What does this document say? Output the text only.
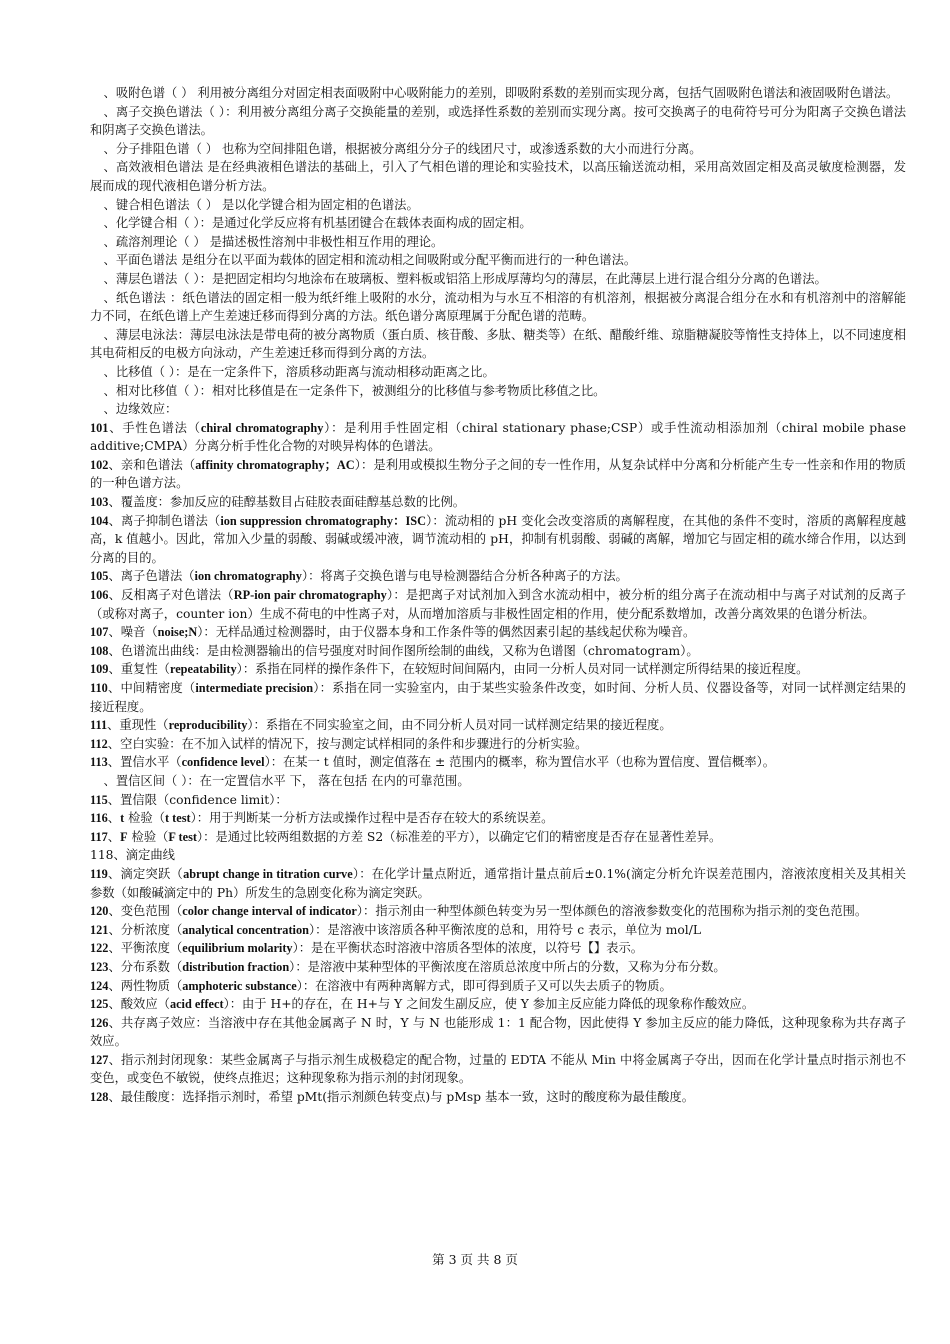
、吸附色谱（ ） 利用被分离组分对固定相表面吸附中心吸附能力的差别，即吸附系数的差别而实现分离，包括气固吸附色谱法和液固吸附色谱法。

、离子交换色谱法（ ）：利用被分离组分离子交换能量的差别，或选择性系数的差别而实现分离。按可交换离子的电荷符号可分为阳离子交换色谱法和阴离子交换色谱法。

、分子排阻色谱（ ） 也称为空间排阻色谱，根据被分离组分分子的线团尺寸，或渗透系数的大小而进行分离。

、高效液相色谱法 是在经典液相色谱法的基础上，引入了气相色谱的理论和实验技术，以高压输送流动相，采用高效固定相及高灵敏度检测器，发展而成的现代液相色谱分析方法。

、键合相色谱法（ ） 是以化学键合相为固定相的色谱法。

、化学键合相（ ）：是通过化学反应将有机基团键合在载体表面构成的固定相。

、疏溶剂理论（ ） 是描述极性溶剂中非极性相互作用的理论。

、平面色谱法 是组分在以平面为载体的固定相和流动相之间吸附或分配平衡而进行的一种色谱法。

、薄层色谱法（ ）：是把固定相均匀地涂布在玻璃板、塑料板或铝箔上形成厚薄均匀的薄层，在此薄层上进行混合组分分离的色谱法。

、纸色谱法 ：纸色谱法的固定相一般为纸纤维上吸附的水分，流动相为与水互不相溶的有机溶剂，根据被分离混合组分在水和有机溶剂中的溶解能力不同，在纸色谱上产生差速迁移而得到分离的方法。纸色谱分离原理属于分配色谱的范畴。

、薄层电泳法：薄层电泳法是带电荷的被分离物质（蛋白质、核苷酸、多肽、糖类等）在纸、醋酸纤维、琼脂糖凝胶等惰性支持体上，以不同速度相其电荷相反的电极方向泳动，产生差速迁移而得到分离的方法。

、比移值（ ）：是在一定条件下，溶质移动距离与流动相移动距离之比。

、相对比移值（ ）：相对比移值是在一定条件下，被测组分的比移值与参考物质比移值之比。

、边缘效应：

101、手性色谱法（chiral chromatography）：是利用手性固定相（chiral stationary phase;CSP）或手性流动相添加剂（chiral mobile phase additive;CMPA）分离分析手性化合物的对映异构体的色谱法。

102、亲和色谱法（affinity chromatography；AC）：是利用或模拟生物分子之间的专一性作用，从复杂试样中分离和分析能产生专一性亲和作用的物质的一种色谱方法。

103、覆盖度：参加反应的硅醇基数目占硅胶表面硅醇基总数的比例。

104、离子抑制色谱法（ion suppression chromatography：ISC）：流动相的 pH 变化会改变溶质的离解程度，在其他的条件不变时，溶质的离解程度越高，k 值越小。因此，常加入少量的弱酸、弱碱或缓冲液，调节流动相的 pH，抑制有机弱酸、弱碱的离解，增加它与固定相的疏水缔合作用，以达到分离的目的。

105、离子色谱法（ion chromatography）：将离子交换色谱与电导检测器结合分析各种离子的方法。

106、反相离子对色谱法（RP-ion pair chromatography）：是把离子对试剂加入到含水流动相中，被分析的组分离子在流动相中与离子对试剂的反离子（或称对离子，counter ion）生成不荷电的中性离子对，从而增加溶质与非极性固定相的作用，使分配系数增加，改善分离效果的色谱分析法。

107、噪音（noise;N）：无样品通过检测器时，由于仪器本身和工作条件等的偶然因素引起的基线起伏称为噪音。

108、色谱流出曲线：是由检测器输出的信号强度对时间作图所绘制的曲线，又称为色谱图（chromatogram）。

109、重复性（repeatability）：系指在同样的操作条件下，在较短时间间隔内，由同一分析人员对同一试样测定所得结果的接近程度。

110、中间精密度（intermediate precision）：系指在同一实验室内，由于某些实验条件改变，如时间、分析人员、仪器设备等，对同一试样测定结果的接近程度。

111、重现性（reproducibility）：系指在不同实验室之间，由不同分析人员对同一试样测定结果的接近程度。

112、空白实验：在不加入试样的情况下，按与测定试样相同的条件和步骤进行的分析实验。

113、置信水平（confidence level）：在某一 t 值时，测定值落在 ± 范围内的概率，称为置信水平（也称为置信度、置信概率）。

、置信区间（ ）：在一定置信水平 下， 落在包括 在内的可靠范围。

115、置信限（confidence limit）：

116、t 检验（t test）：用于判断某一分析方法或操作过程中是否存在较大的系统误差。

117、F 检验（F test）：是通过比较两组数据的方差 S2（标准差的平方），以确定它们的精密度是否存在显著性差异。

118、滴定曲线

119、滴定突跃（abrupt change in titration curve）：在化学计量点附近，通常指计量点前后±0.1%(滴定分析允许误差范围内，溶液浓度相关及其相关参数（如酸碱滴定中的 Ph）所发生的急剧变化称为滴定突跃。

120、变色范围（color change interval of indicator）：指示剂由一种型体颜色转变为另一型体颜色的溶液参数变化的范围称为指示剂的变色范围。

121、分析浓度（analytical concentration）：是溶液中该溶质各种平衡浓度的总和，用符号 c 表示，单位为 mol/L

122、平衡浓度（equilibrium molarity）：是在平衡状态时溶液中溶质各型体的浓度，以符号【】表示。

123、分布系数（distribution fraction）：是溶液中某种型体的平衡浓度在溶质总浓度中所占的分数，又称为分布分数。

124、两性物质（amphoteric substance）：在溶液中有两种离解方式，即可得到质子又可以失去质子的物质。

125、酸效应（acid effect）：由于 H+的存在，在 H+与 Y 之间发生副反应，使 Y 参加主反应能力降低的现象称作酸效应。

126、共存离子效应：当溶液中存在其他金属离子 N 时，Y 与 N 也能形成 1：1 配合物，因此使得 Y 参加主反应的能力降低，这种现象称为共存离子效应。

127、指示剂封闭现象：某些金属离子与指示剂生成极稳定的配合物，过量的 EDTA 不能从 Min 中将金属离子夺出，因而在化学计量点时指示剂也不变色，或变色不敏锐，使终点推迟；这种现象称为指示剂的封闭现象。

128、最佳酸度：选择指示剂时，希望 pMt(指示剂颜色转变点)与 pMsp 基本一致，这时的酸度称为最佳酸度。

第 3 页 共 8 页
